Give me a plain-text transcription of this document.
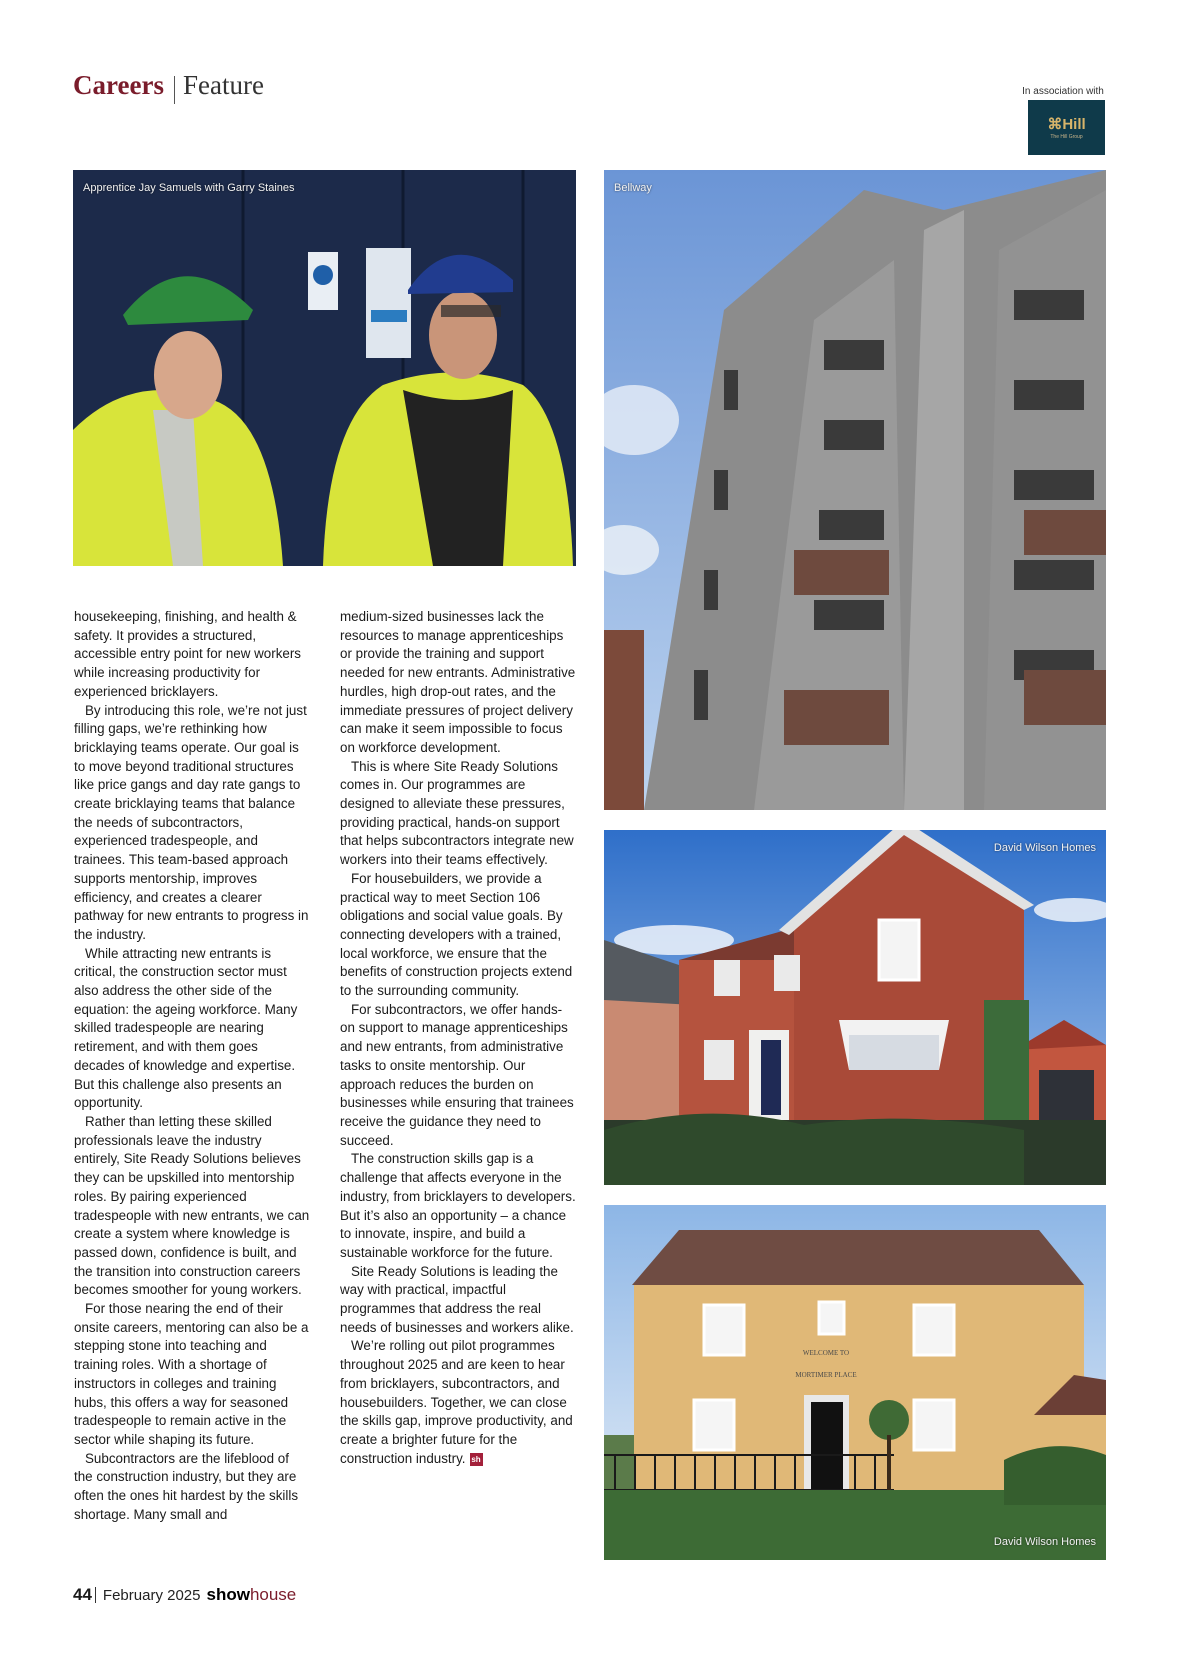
Careers Feature	In association with
⌘Hill
The Hill Group
Apprentice Jay Samuels with Garry Staines	Bellway
David Wilson Homes
WELCOME TO
MORTIMER PLACE
David Wilson Homes

housekeeping, finishing, and health & safety. It provides a structured, accessible entry point for new workers while increasing productivity for experienced bricklayers.

By introducing this role, we’re not just filling gaps, we’re rethinking how bricklaying teams operate. Our goal is to move beyond traditional structures like price gangs and day rate gangs to create bricklaying teams that balance the needs of subcontractors, experienced tradespeople, and trainees. This team-based approach supports mentorship, improves efficiency, and creates a clearer pathway for new entrants to progress in the industry.

While attracting new entrants is critical, the construction sector must also address the other side of the equation: the ageing workforce. Many skilled tradespeople are nearing retirement, and with them goes decades of knowledge and expertise. But this challenge also presents an opportunity.

Rather than letting these skilled professionals leave the industry entirely, Site Ready Solutions believes they can be upskilled into mentorship roles. By pairing experienced tradespeople with new entrants, we can create a system where knowledge is passed down, confidence is built, and the transition into construction careers becomes smoother for young workers.

For those nearing the end of their onsite careers, mentoring can also be a stepping stone into teaching and training roles. With a shortage of instructors in colleges and training hubs, this offers a way for seasoned tradespeople to remain active in the sector while shaping its future.

Subcontractors are the lifeblood of the construction industry, but they are often the ones hit hardest by the skills shortage. Many small and

medium-sized businesses lack the resources to manage apprenticeships or provide the training and support needed for new entrants. Administrative hurdles, high drop-out rates, and the immediate pressures of project delivery can make it seem impossible to focus on workforce development.

This is where Site Ready Solutions comes in. Our programmes are designed to alleviate these pressures, providing practical, hands-on support that helps subcontractors integrate new workers into their teams effectively.

For housebuilders, we provide a practical way to meet Section 106 obligations and social value goals. By connecting developers with a trained, local workforce, we ensure that the benefits of construction projects extend to the surrounding community.

For subcontractors, we offer hands-on support to manage apprenticeships and new entrants, from administrative tasks to onsite mentorship. Our approach reduces the burden on businesses while ensuring that trainees receive the guidance they need to succeed.

The construction skills gap is a challenge that affects everyone in the industry, from bricklayers to developers. But it’s also an opportunity – a chance to innovate, inspire, and build a sustainable workforce for the future.

Site Ready Solutions is leading the way with practical, impactful programmes that address the real needs of businesses and workers alike.

We’re rolling out pilot programmes throughout 2025 and are keen to hear from bricklayers, subcontractors, and housebuilders. Together, we can close the skills gap, improve productivity, and create a brighter future for the construction industry. sh

44 February 2025 show house
